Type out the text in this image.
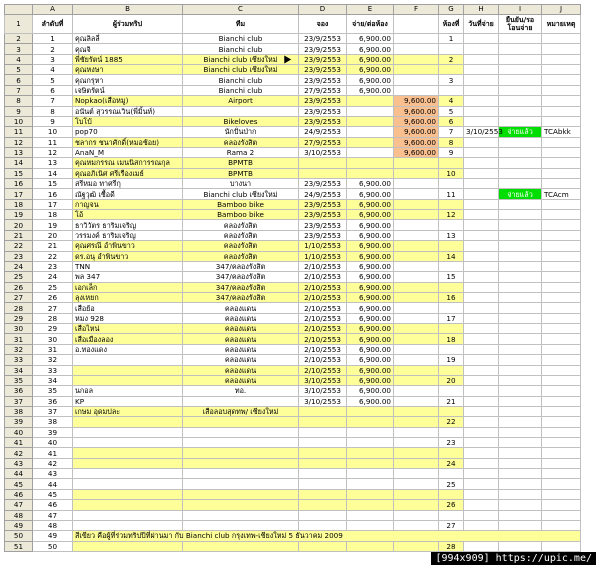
	A	B	C	D	E	F	G	H	I	J
1	ลำดับที่	ผู้ร่วมทริป	ทีม	จอง	จ่าย/ต่อห้อง		ห้องที่	วันที่จ่าย	ยืนยัน/รอโอนจ่าย	หมายเหตุ
2	1	คุณลิลลี่	Bianchi club	23/9/2553	6,900.00		1			
3	2	คุณจิ	Bianchi club	23/9/2553	6,900.00					
4	3	พี่ชัยรัตน์ 1885	Bianchi club เชียงใหม่	23/9/2553	6,900.00		2			
5	4	คุณหงษา	Bianchi club เชียงใหม่	23/9/2553	6,900.00					
6	5	คุณกรุหา	Bianchi club	23/9/2553	6,900.00		3			
7	6	เจษิตรัตน์	Bianchi club	27/9/2553	6,900.00					
8	7	Nopkao(เสือหมู)	Airport	23/9/2553		9,600.00	4			
9	8	อนันต์ สุวรรณเวิน(พี่มิ้นท์)		23/9/2553		9,600.00	5			
10	9	โบโบ้	Bikeloves	23/9/2553		9,600.00	6			
11	10	pop70	นักปั่นป่าก	24/9/2553		9,600.00	7	3/10/2553	จ่ายแล้ว	TCAbkk
12	11	ชลากร ชนาศักดิ์(หมอช้อย)	คลองรังสิต	27/9/2553		9,600.00	8			
13	12	AnaN_M	Rama 2	3/10/2553		9,600.00	9			
14	13	คุณหมกรรณ เมนนิสการรณกุล	BPMTB							
15	14	คุณอภิเนิศ ศรีเรืองเมธ์	BPMTB				10			
16	15	สรีหมอ ทาศรีกุ	บางนา	23/9/2553	6,900.00					
17	16	ณัฐวุฒิ เชื้อดี	Bianchi club เชียงใหม่	24/9/2553	6,900.00		11		จ่ายแล้ว	TCAcm
18	17	กาญจน	Bamboo bike	23/9/2553	6,900.00					
19	18	โอ้	Bamboo bike	23/9/2553	6,900.00		12			
20	19	ธาวิวัตร ธาริมเจริญ	คลองรังสิต	23/9/2553	6,900.00					
21	20	วรรมงค์ ธาริมเจริญ	คลองรังสิต	23/9/2553	6,900.00		13			
22	21	คุณศรณี อำพินขาว	คลองรังสิต	1/10/2553	6,900.00					
23	22	ดร.อนุ อำพินขาว	คลองรังสิต	1/10/2553	6,900.00		14			
24	23	TNN	347/คลองรังสิต	2/10/2553	6,900.00					
25	24	พล 347	347/คลองรังสิต	2/10/2553	6,900.00		15			
26	25	เอกเล็ก	347/คลองรังสิต	2/10/2553	6,900.00					
27	26	ลุงเหยก	347/คลองรังสิต	2/10/2553	6,900.00		16			
28	27	เสือย้อ	คลองแดน	2/10/2553	6,900.00					
29	28	หมง 928	คลองแดน	2/10/2553	6,900.00		17			
30	29	เสือไหน่	คลองแดน	2/10/2553	6,900.00					
31	30	เสือเมืองลอง	คลองแดน	2/10/2553	6,900.00		18			
32	31	อ.ทองแดง	คลองแดน	2/10/2553	6,900.00					
33	32		คลองแดน	2/10/2553	6,900.00		19			
34	33		คลองแดน	2/10/2553	6,900.00					
35	34		คลองแดน	3/10/2553	6,900.00		20			
36	35	นกอล	ทอ.	3/10/2553	6,900.00					
37	36	KP		3/10/2553	6,900.00		21			
38	37	เกษม อุดมปละ	เสือลอบสุดทพ/ เชียงใหม่							
39	38						22			
40	39									
41	40						23			
42	41									
43	42						24			
44	43									
45	44						25			
46	45									
47	46						26			
48	47									
49	48						27			
50	49	สีเขียว คือผู้ที่ร่วมทริปปีที่ผ่านมา กับ Bianchi club กรุงเทพ-เชียงใหม่ 5 ธันวาคม 2009								
51	50						28			
[994x909] https://upic.me/
